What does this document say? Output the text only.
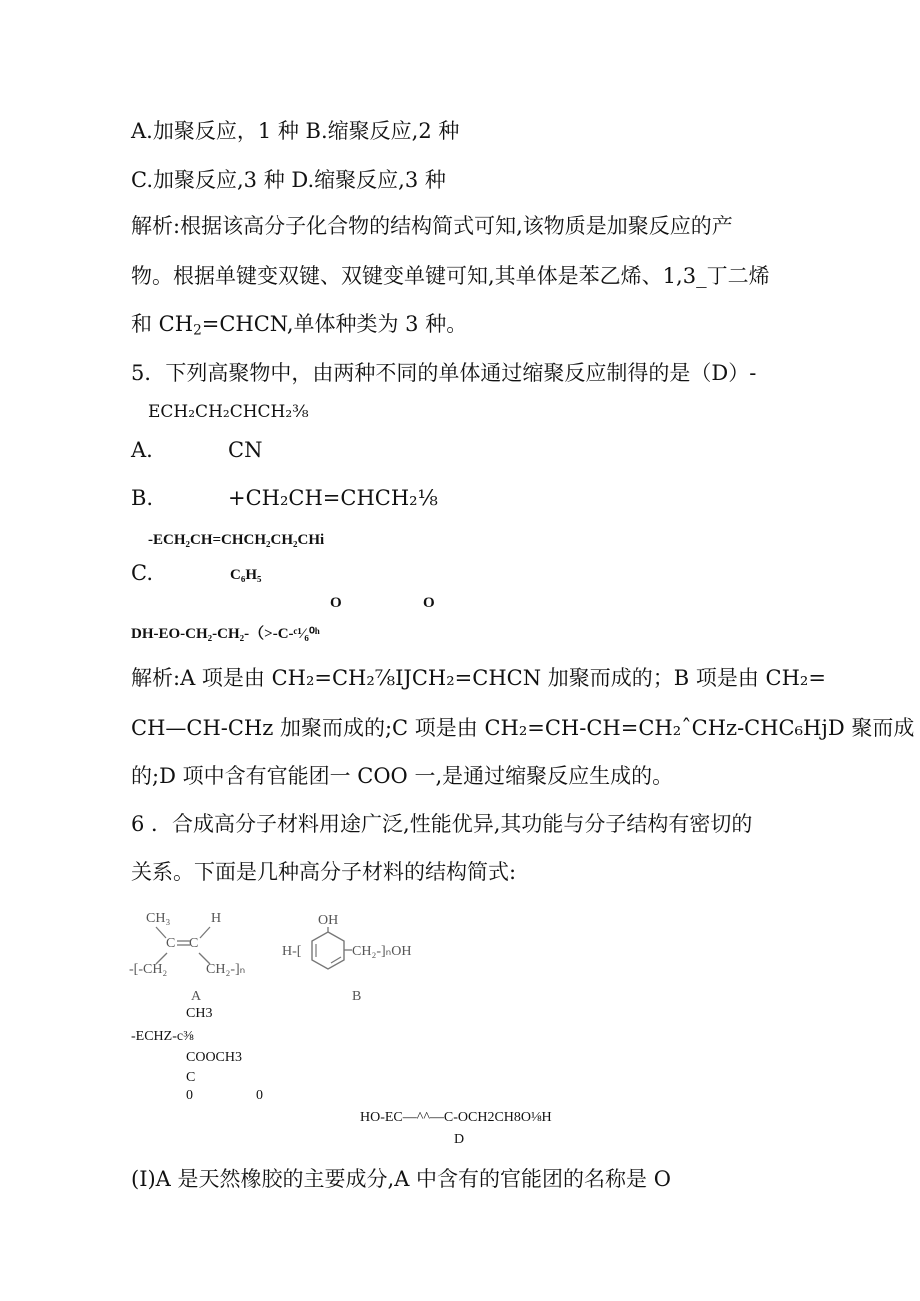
A.加聚反应，1 种 B.缩聚反应,2 种
C.加聚反应,3 种 D.缩聚反应,3 种
解析:根据该高分子化合物的结构简式可知,该物质是加聚反应的产
物。根据单键变双键、双键变单键可知,其单体是苯乙烯、1,3_丁二烯
和 $CH_2=CHCN$,单体种类为 3 种。
5．下列高聚物中，由两种不同的单体通过缩聚反应制得的是（D）-
ECH₂CH₂CHCH₂⅜
A.	CN
B.	+CH₂CH=CHCH₂⅛
-ECH₂CH=CHCH₂CH₂CHi
C.	C₆H₅
O	O
DH-EO-CH₂-CH₂-（>-C-ᶜ¹⁄₆⁰ʰ
解析:A 项是由 CH₂=CH₂⅞IJCH₂=CHCN 加聚而成的；B 项是由 CH₂=
CH—CH-CHz 加聚而成的;C 项是由 CH₂=CH-CH=CH₂ˆCHz-CHC₆HjD 聚而成
的;D 项中含有官能团一 COO 一,是通过缩聚反应生成的。
6 ．合成高分子材料用途广泛,性能优异,其功能与分子结构有密切的
关系。下面是几种高分子材料的结构简式:
CH₃	H
C C
-[-CH₂	CH₂-]ₙ
A
OH
H-[	CH₂-]ₙOH
B
CH3
-ECHZ-c⅜
COOCH3
C
0	0
HO-EC—^^—C-OCH2CH8O⅛H
D
(I)A 是天然橡胶的主要成分,A 中含有的官能团的名称是 O
